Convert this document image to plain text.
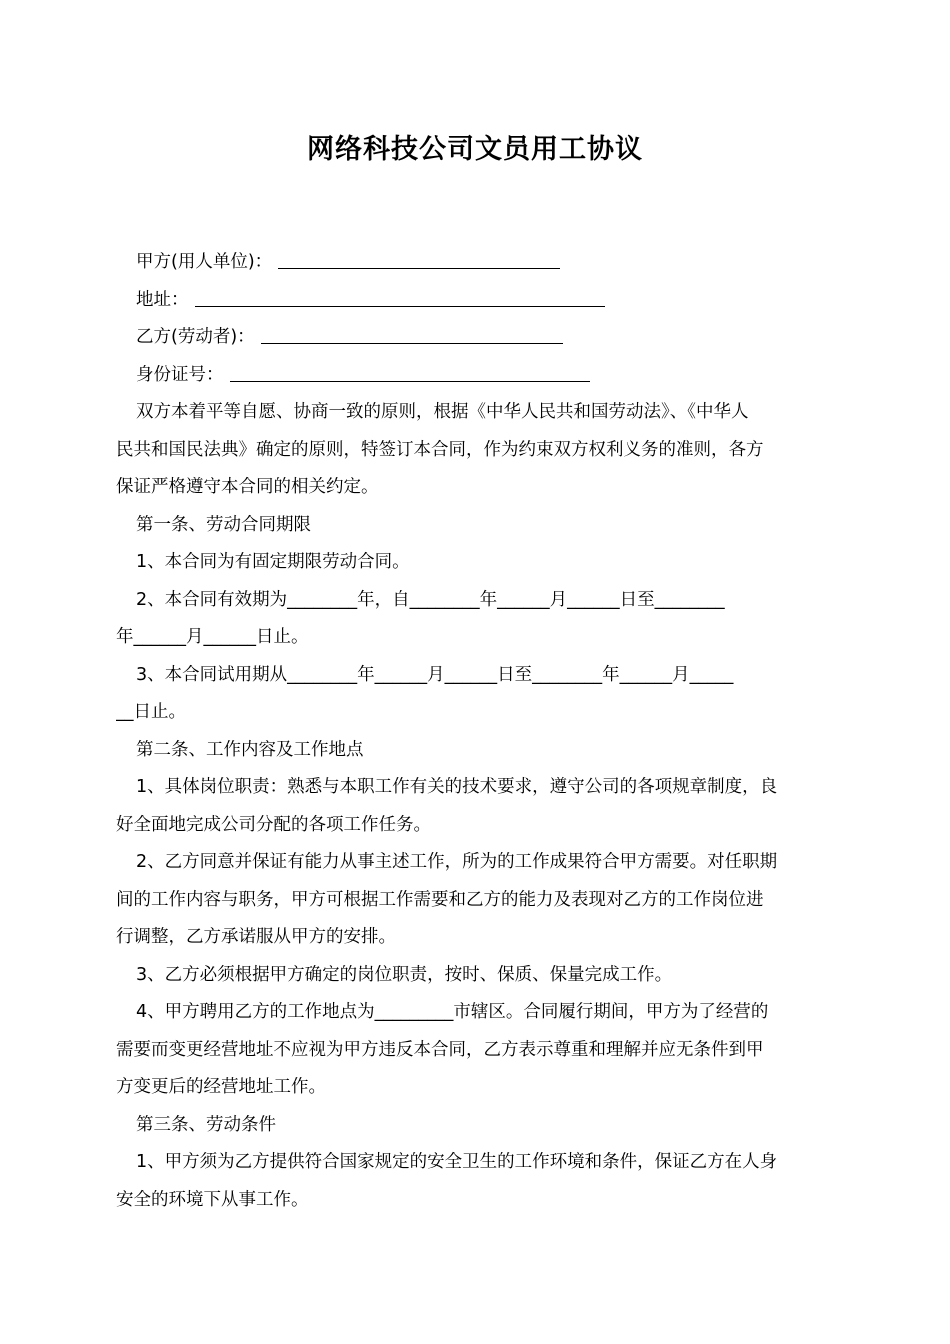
网络科技公司文员用工协议
甲方(用人单位)：
地址：
乙方(劳动者)：
身份证号：

双方本着平等自愿、协商一致的原则，根据《中华人民共和国劳动法》、《中华人

民共和国民法典》确定的原则，特签订本合同，作为约束双方权利义务的准则，各方

保证严格遵守本合同的相关约定。

第一条、劳动合同期限

1、本合同为有固定期限劳动合同。

2、本合同有效期为________年，自________年______月______日至________

年______月______日止。

3、本合同试用期从________年______月______日至________年______月_____

__日止。

第二条、工作内容及工作地点

1、具体岗位职责：熟悉与本职工作有关的技术要求，遵守公司的各项规章制度，良

好全面地完成公司分配的各项工作任务。

2、乙方同意并保证有能力从事主述工作，所为的工作成果符合甲方需要。对任职期

间的工作内容与职务，甲方可根据工作需要和乙方的能力及表现对乙方的工作岗位进

行调整，乙方承诺服从甲方的安排。

3、乙方必须根据甲方确定的岗位职责，按时、保质、保量完成工作。

4、甲方聘用乙方的工作地点为_________市辖区。合同履行期间，甲方为了经营的

需要而变更经营地址不应视为甲方违反本合同，乙方表示尊重和理解并应无条件到甲

方变更后的经营地址工作。

第三条、劳动条件

1、甲方须为乙方提供符合国家规定的安全卫生的工作环境和条件，保证乙方在人身

安全的环境下从事工作。
